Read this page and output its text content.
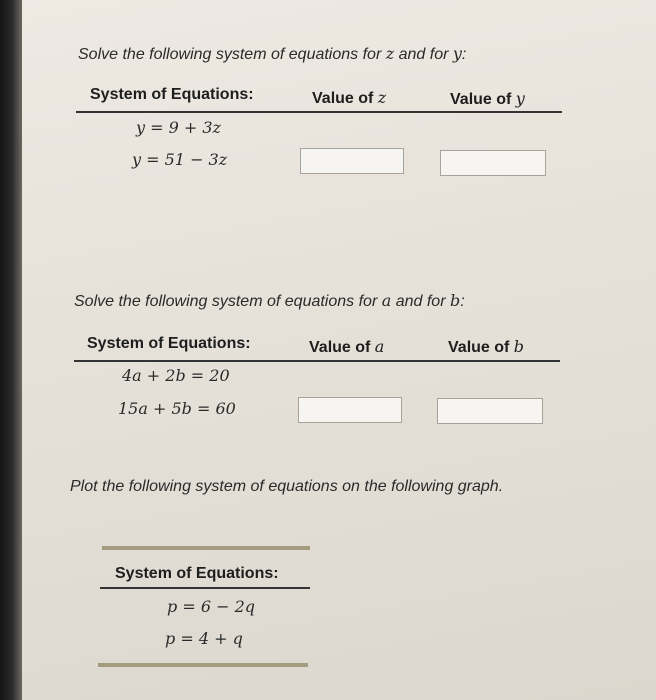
Solve the following system of equations for z and for y:
System of Equations:	Value of z	Value of y
y = 9 + 3z
y = 51 − 3z
Solve the following system of equations for a and for b:
System of Equations:	Value of a	Value of b
4a + 2b = 20
15a + 5b = 60
Plot the following system of equations on the following graph.
System of Equations:
p = 6 − 2q
p = 4 + q
